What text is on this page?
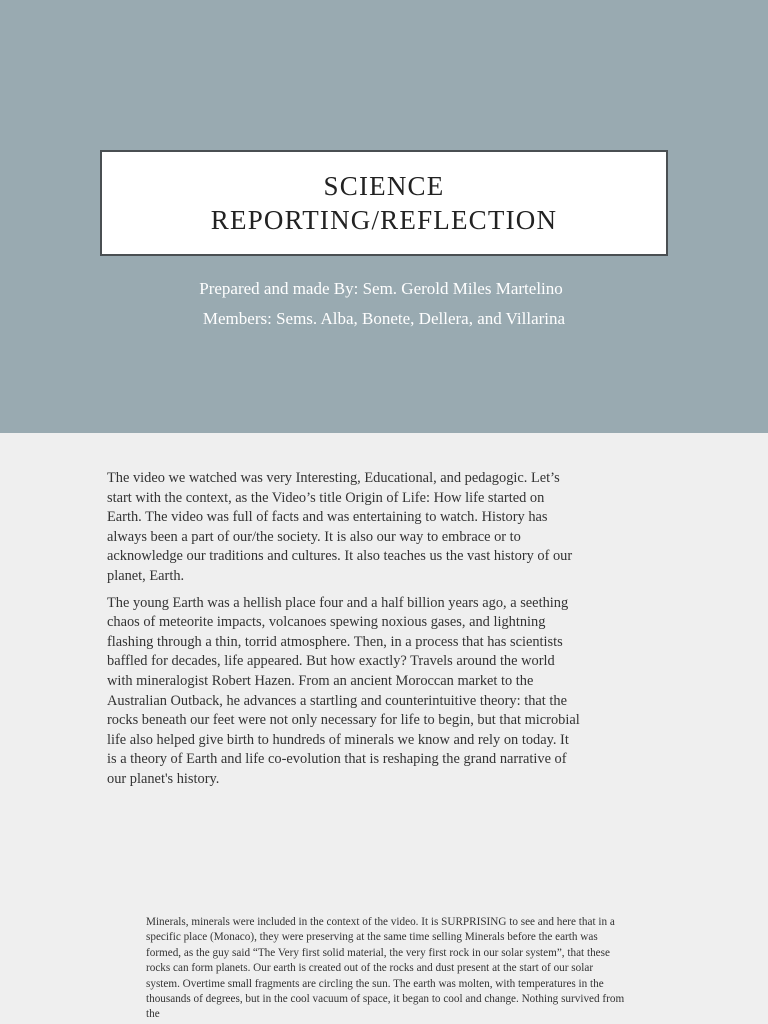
SCIENCE
REPORTING/REFLECTION
Prepared and made By: Sem. Gerold Miles Martelino
Members: Sems. Alba, Bonete, Dellera, and Villarina

The video we watched was very Interesting, Educational, and pedagogic. Let’s start with the context, as the Video’s title Origin of Life: How life started on Earth. The video was full of facts and was entertaining to watch. History has always been a part of our/the society. It is also our way to embrace or to acknowledge our traditions and cultures. It also teaches us the vast history of our planet, Earth.

The young Earth was a hellish place four and a half billion years ago, a seething chaos of meteorite impacts, volcanoes spewing noxious gases, and lightning flashing through a thin, torrid atmosphere. Then, in a process that has scientists baffled for decades, life appeared. But how exactly? Travels around the world with mineralogist Robert Hazen. From an ancient Moroccan market to the Australian Outback, he advances a startling and counterintuitive theory: that the rocks beneath our feet were not only necessary for life to begin, but that microbial life also helped give birth to hundreds of minerals we know and rely on today. It is a theory of Earth and life co-evolution that is reshaping the grand narrative of our planet's history.

Minerals, minerals were included in the context of the video. It is SURPRISING to see and here that in a specific place (Monaco), they were preserving at the same time selling Minerals before the earth was formed, as the guy said “The Very first solid material, the very first rock in our solar system”, that these rocks can form planets. Our earth is created out of the rocks and dust present at the start of our solar system. Overtime small fragments are circling the sun. The earth was molten, with temperatures in the thousands of degrees, but in the cool vacuum of space, it began to cool and change. Nothing survived from the
